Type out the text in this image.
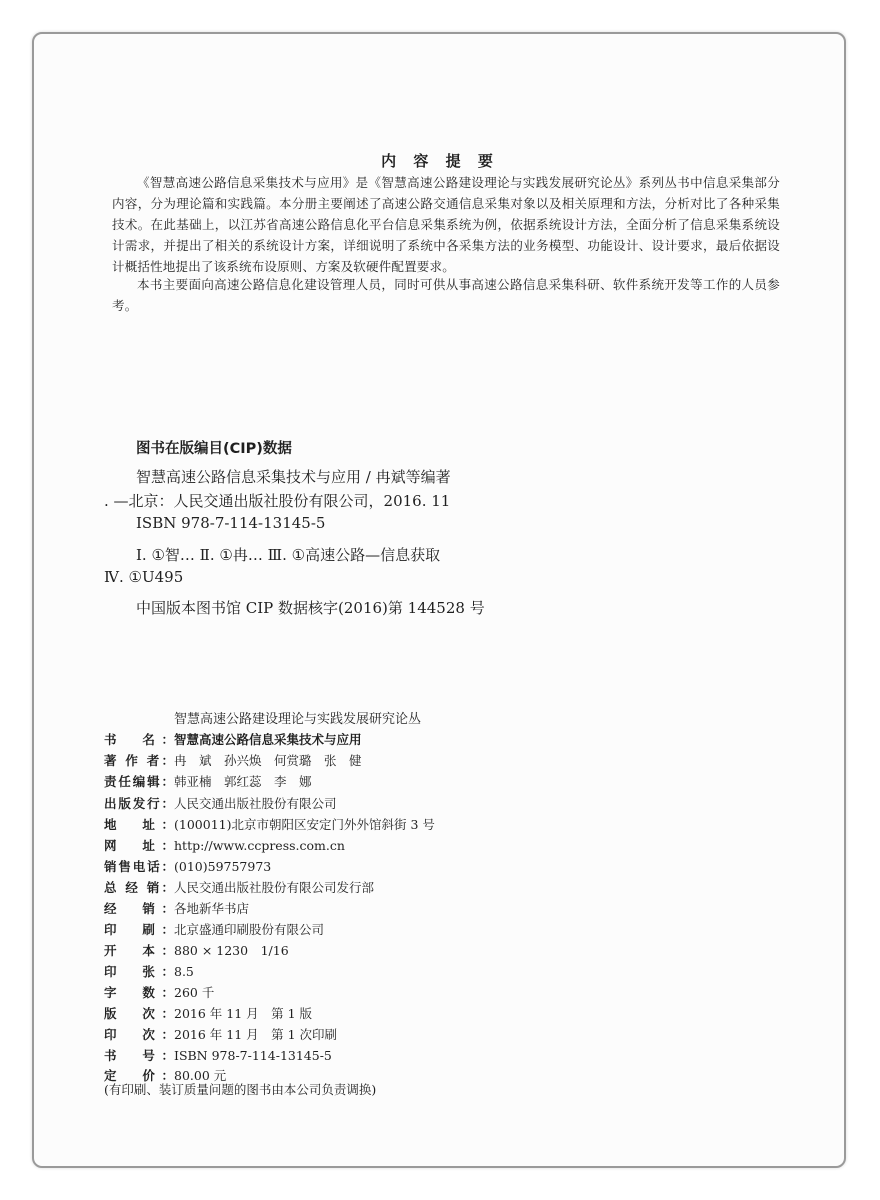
内 容 提 要

《智慧高速公路信息采集技术与应用》是《智慧高速公路建设理论与实践发展研究论丛》系列丛书中信息采集部分内容，分为理论篇和实践篇。本分册主要阐述了高速公路交通信息采集对象以及相关原理和方法，分析对比了各种采集技术。在此基础上，以江苏省高速公路信息化平台信息采集系统为例，依据系统设计方法，全面分析了信息采集系统设计需求，并提出了相关的系统设计方案，详细说明了系统中各采集方法的业务模型、功能设计、设计要求，最后依据设计概括性地提出了该系统布设原则、方案及软硬件配置要求。

本书主要面向高速公路信息化建设管理人员，同时可供从事高速公路信息采集科研、软件系统开发等工作的人员参考。

图书在版编目(CIP)数据
智慧高速公路信息采集技术与应用 / 冉斌等编著
. —北京：人民交通出版社股份有限公司，2016. 11
ISBN 978-7-114-13145-5
Ⅰ. ①智… Ⅱ. ①冉… Ⅲ. ①高速公路—信息获取
Ⅳ. ①U495
中国版本图书馆 CIP 数据核字(2016)第 144528 号
智慧高速公路建设理论与实践发展研究论丛
书　名：智慧高速公路信息采集技术与应用
著 作 者：冉　斌　孙兴焕　何赏璐　张　健
责任编辑：韩亚楠　郭红蕊　李　娜
出版发行：人民交通出版社股份有限公司
地　址：(100011)北京市朝阳区安定门外外馆斜街 3 号
网　址：http://www.ccpress.com.cn
销售电话：(010)59757973
总 经 销：人民交通出版社股份有限公司发行部
经　销：各地新华书店
印　刷：北京盛通印刷股份有限公司
开　本：880 × 1230　1/16
印　张：8.5
字　数：260 千
版　次：2016 年 11 月　第 1 版
印　次：2016 年 11 月　第 1 次印刷
书　号：ISBN 978-7-114-13145-5
定　价：80.00 元
(有印刷、装订质量问题的图书由本公司负责调换)
